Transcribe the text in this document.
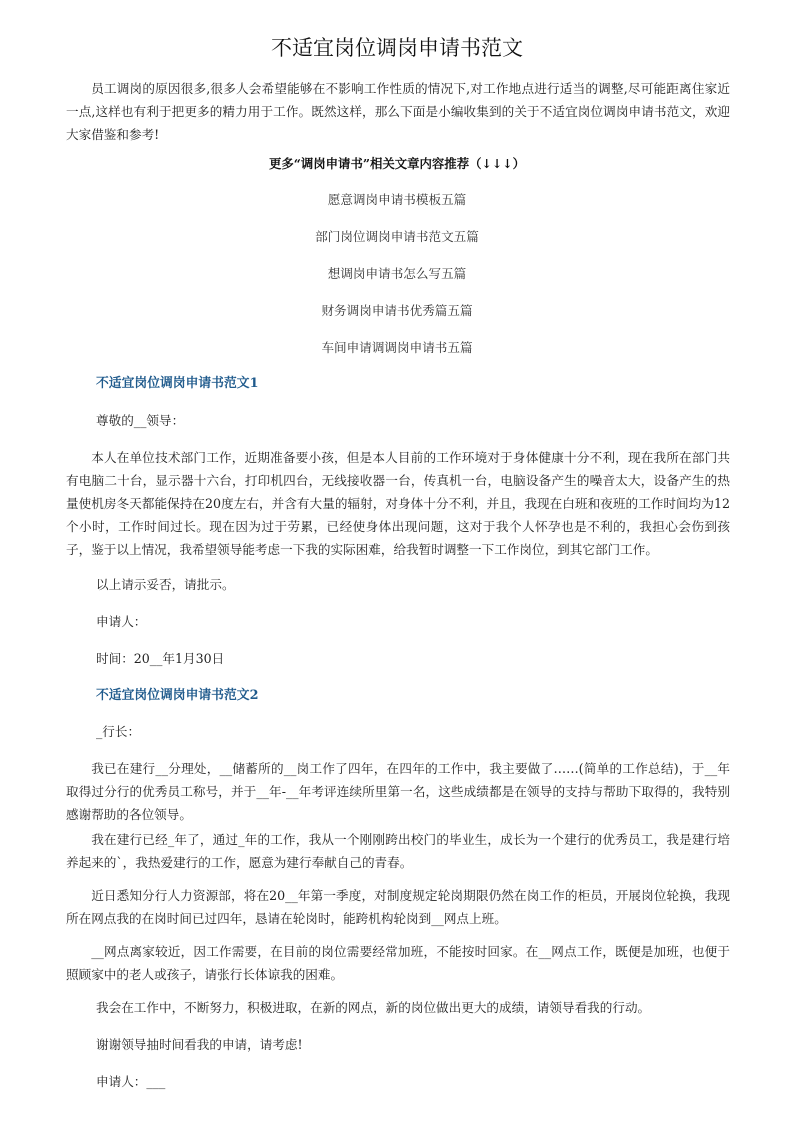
不适宜岗位调岗申请书范文

员工调岗的原因很多,很多人会希望能够在不影响工作性质的情况下,对工作地点进行适当的调整,尽可能距离住家近一点,这样也有利于把更多的精力用于工作。既然这样，那么下面是小编收集到的关于不适宜岗位调岗申请书范文，欢迎大家借鉴和参考!

更多“调岗申请书”相关文章内容推荐（↓↓↓）

愿意调岗申请书模板五篇

部门岗位调岗申请书范文五篇

想调岗申请书怎么写五篇

财务调岗申请书优秀篇五篇

车间申请调调岗申请书五篇

不适宜岗位调岗申请书范文1

尊敬的__领导：

本人在单位技术部门工作，近期准备要小孩，但是本人目前的工作环境对于身体健康十分不利，现在我所在部门共有电脑二十台，显示器十六台，打印机四台，无线接收器一台，传真机一台，电脑设备产生的噪音太大，设备产生的热量使机房冬天都能保持在20度左右，并含有大量的辐射，对身体十分不利，并且，我现在白班和夜班的工作时间均为12个小时，工作时间过长。现在因为过于劳累，已经使身体出现问题，这对于我个人怀孕也是不利的，我担心会伤到孩子，鉴于以上情况，我希望领导能考虑一下我的实际困难，给我暂时调整一下工作岗位，到其它部门工作。

以上请示妥否，请批示。

申请人：

时间：20__年1月30日

不适宜岗位调岗申请书范文2

_行长：

我已在建行__分理处，__储蓄所的__岗工作了四年，在四年的工作中，我主要做了……(简单的工作总结)，于__年取得过分行的优秀员工称号，并于__年-__年考评连续所里第一名，这些成绩都是在领导的支持与帮助下取得的，我特别感谢帮助的各位领导。

我在建行已经_年了，通过_年的工作，我从一个刚刚跨出校门的毕业生，成长为一个建行的优秀员工，我是建行培养起来的`，我热爱建行的工作，愿意为建行奉献自己的青春。

近日悉知分行人力资源部，将在20__年第一季度，对制度规定轮岗期限仍然在岗工作的柜员，开展岗位轮换，我现所在网点我的在岗时间已过四年，恳请在轮岗时，能跨机构轮岗到__网点上班。

__网点离家较近，因工作需要，在目前的岗位需要经常加班，不能按时回家。在__网点工作，既便是加班，也便于照顾家中的老人或孩子，请张行长体谅我的困难。

我会在工作中，不断努力，积极进取，在新的网点，新的岗位做出更大的成绩，请领导看我的行动。

谢谢领导抽时间看我的申请，请考虑!

申请人：___
